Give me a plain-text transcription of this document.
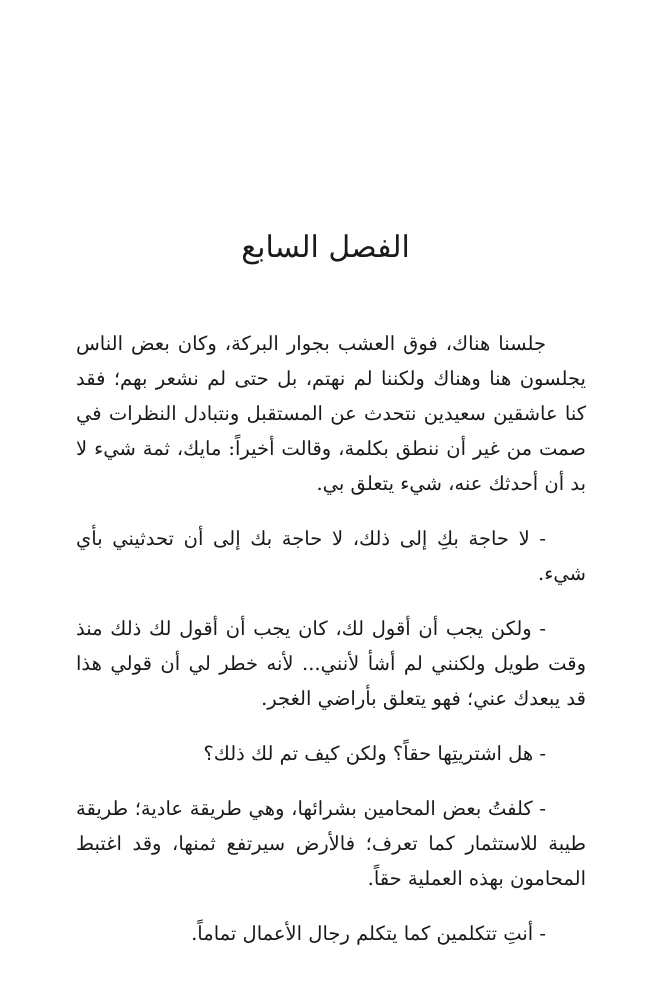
الفصل السابع

جلسنا هناك، فوق العشب بجوار البركة، وكان بعض الناس يجلسون هنا وهناك ولكننا لم نهتم، بل حتى لم نشعر بهم؛ فقد كنا عاشقين سعيدين نتحدث عن المستقبل ونتبادل النظرات في صمت من غير أن ننطق بكلمة، وقالت أخيراً: مايك، ثمة شيء لا بد أن أحدثك عنه، شيء يتعلق بي.

- لا حاجة بكِ إلى ذلك، لا حاجة بك إلى أن تحدثيني بأي شيء.

- ولكن يجب أن أقول لك، كان يجب أن أقول لك ذلك منذ وقت طويل ولكنني لم أشأ لأنني... لأنه خطر لي أن قولي هذا قد يبعدك عني؛ فهو يتعلق بأراضي الغجر.

- هل اشتريتِها حقاً؟ ولكن كيف تم لك ذلك؟

- كلفتُ بعض المحامين بشرائها، وهي طريقة عادية؛ طريقة طيبة للاستثمار كما تعرف؛ فالأرض سيرتفع ثمنها، وقد اغتبط المحامون بهذه العملية حقاً.

- أنتِ تتكلمين كما يتكلم رجال الأعمال تماماً.
